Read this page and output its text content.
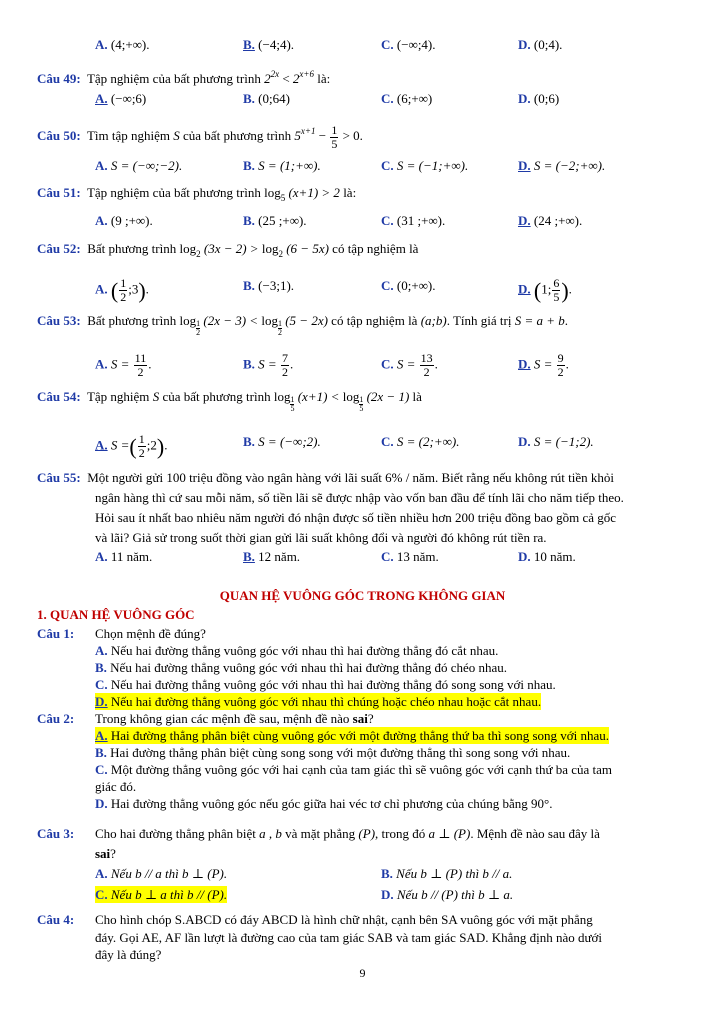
A. (4;+∞).	B. (−4;4).	C. (−∞;4).	D. (0;4).
Câu 49: Tập nghiệm của bất phương trình $2^{2x} < 2^{x+6}$ là:
A. (−∞;6)	B. (0;64)	C. (6;+∞)	D. (0;6)
Câu 50: Tìm tập nghiệm S của bất phương trình $5^{x+1} - \frac{1}{5} > 0$.
A. S = (−∞;−2).	B. S = (1;+∞).	C. S = (−1;+∞).	D. S = (−2;+∞).
Câu 51: Tập nghiệm của bất phương trình $\log_5 (x+1) > 2$ là:
A. (9 ;+∞).	B. (25 ;+∞).	C. (31 ;+∞).	D. (24 ;+∞).
Câu 52: Bất phương trình $\log_2 (3x - 2) > \log_2 (6 - 5x)$ có tập nghiệm là
A. ( $\frac{1}{2}$ ;3).	B. (−3;1).	C. (0;+∞).	D. (1; $\frac{6}{5}$ ).
Câu 53: Bất phương trình $\log \frac{1}{2} (2x - 3) < \log \frac{1}{2} (5 - 2x)$ có tập nghiệm là (a;b). Tính giá trị S = a + b.
A. $S = \frac{11}{2}$ .	B. $S = \frac{7}{2}$ .	C. $S = \frac{13}{2}$ .	D. $S = \frac{9}{2}$ .
Câu 54: Tập nghiệm S của bất phương trình $\log \frac{1}{5} (x+1) < \log \frac{1}{5} (2x - 1)$ là
A. S =( $\frac{1}{2}$ ;2).	B. S = (−∞;2).	C. S = (2;+∞).	D. S = (−1;2).
Câu 55: Một người gửi 100 triệu đồng vào ngân hàng với lãi suất 6% / năm. Biết rằng nếu không rút tiền khỏi
ngân hàng thì cứ sau mỗi năm, số tiền lãi sẽ được nhập vào vốn ban đầu để tính lãi cho năm tiếp theo.
Hỏi sau ít nhất bao nhiêu năm người đó nhận được số tiền nhiều hơn 200 triệu đồng bao gồm cả gốc
và lãi? Giả sử trong suốt thời gian gửi lãi suất không đổi và người đó không rút tiền ra.
A. 11 năm.	B. 12 năm.	C. 13 năm.	D. 10 năm.
QUAN HỆ VUÔNG GÓC TRONG KHÔNG GIAN
1. QUAN HỆ VUÔNG GÓC
Câu 1: Chọn mệnh đề đúng?
A. Nếu hai đường thẳng vuông góc với nhau thì hai đường thẳng đó cắt nhau.
B. Nếu hai đường thẳng vuông góc với nhau thì hai đường thẳng đó chéo nhau.
C. Nếu hai đường thẳng vuông góc với nhau thì hai đường thẳng đó song song với nhau.
D. Nếu hai đường thẳng vuông góc với nhau thì chúng hoặc chéo nhau hoặc cắt nhau.
Câu 2: Trong không gian các mệnh đề sau, mệnh đề nào sai?
A. Hai đường thẳng phân biệt cùng vuông góc với một đường thẳng thứ ba thì song song với nhau.
B. Hai đường thẳng phân biệt cùng song song với một đường thẳng thì song song với nhau.
C. Một đường thẳng vuông góc với hai cạnh của tam giác thì sẽ vuông góc với cạnh thứ ba của tam
giác đó.
D. Hai đường thẳng vuông góc nếu góc giữa hai véc tơ chỉ phương của chúng bằng 90°.
Câu 3: Cho hai đường thẳng phân biệt a , b và mặt phẳng (P), trong đó a ⊥ (P). Mệnh đề nào sau đây là
sai?
A. Nếu b // a thì b ⊥ (P).	B. Nếu b ⊥ (P) thì b // a.
C. Nếu b ⊥ a thì b // (P).	D. Nếu b // (P) thì b ⊥ a.
Câu 4: Cho hình chóp S.ABCD có đáy ABCD là hình chữ nhật, cạnh bên SA vuông góc với mặt phẳng
đáy. Gọi AE, AF lần lượt là đường cao của tam giác SAB và tam giác SAD. Khẳng định nào dưới
đây là đúng?
9
